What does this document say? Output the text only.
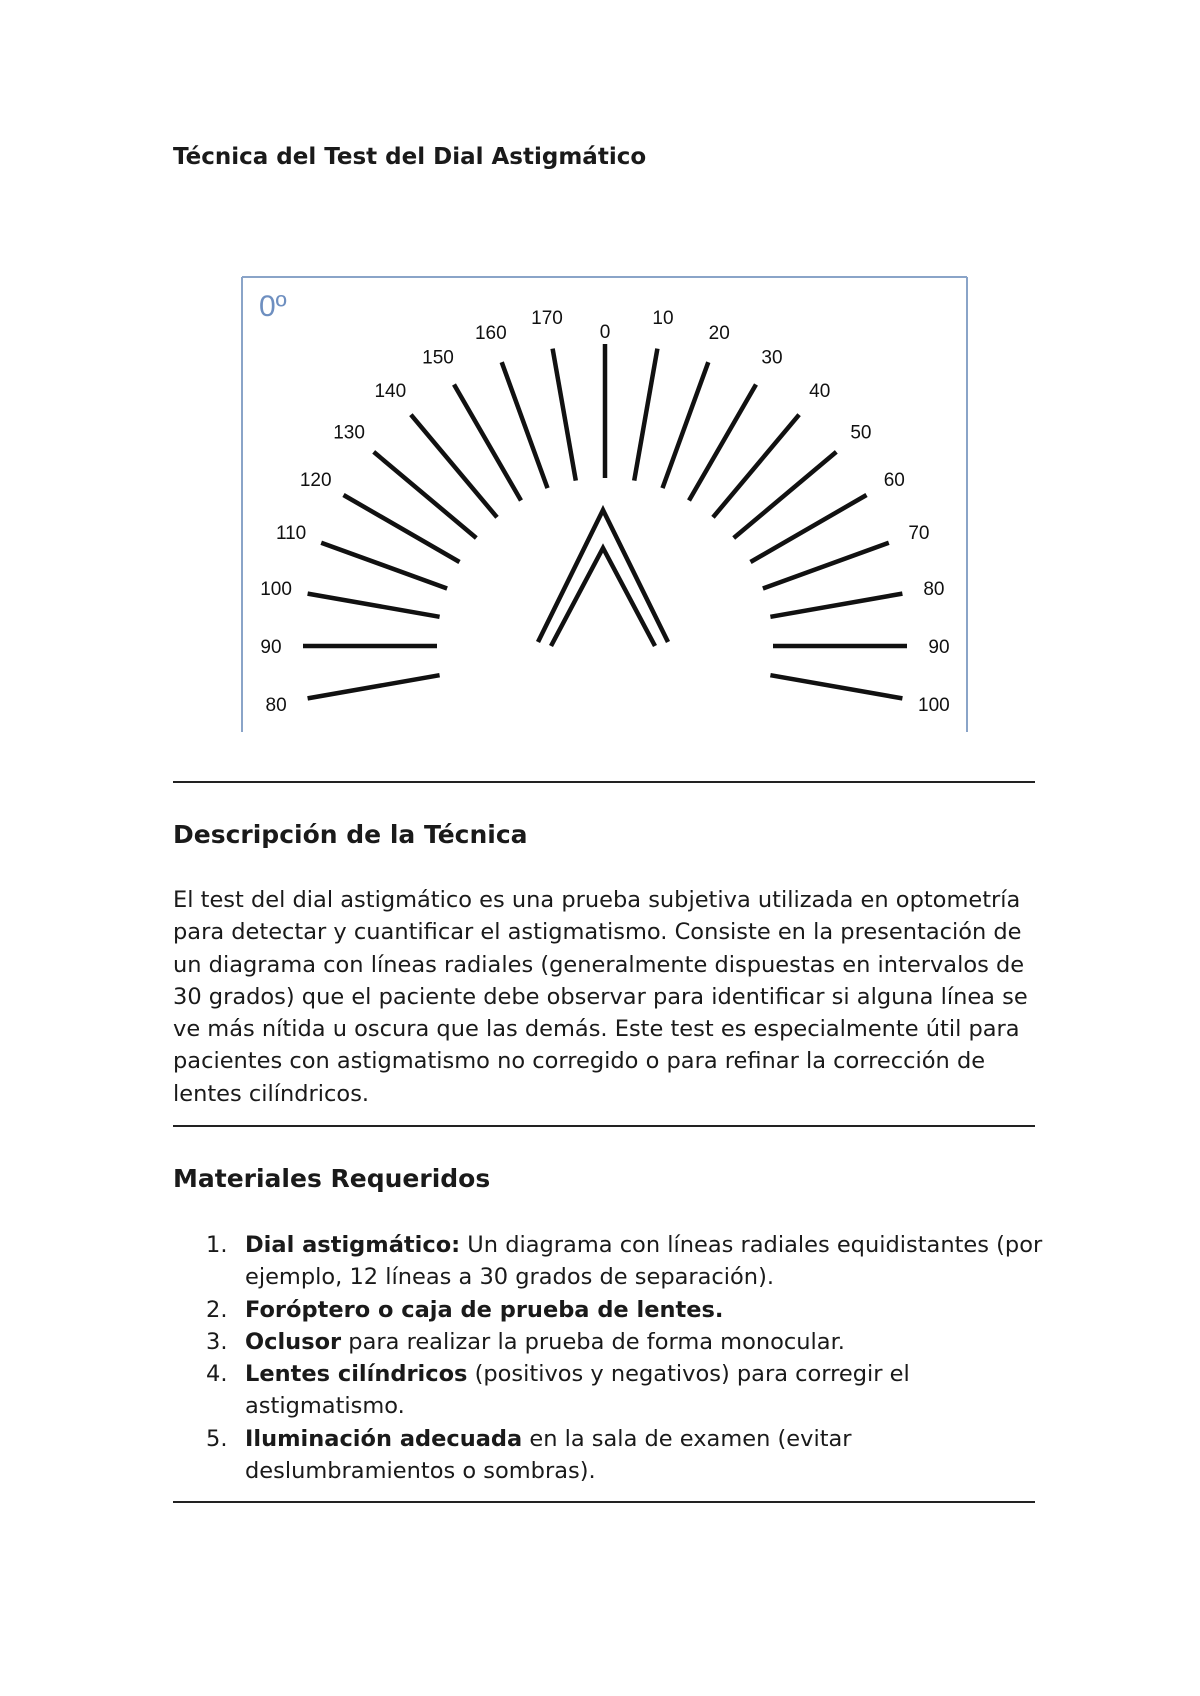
Técnica del Test del Dial Astigmático
0º
0
10
20
30
40
50
60
70
80
90
100
170
160
150
140
130
120
110
100
90
80
Descripción de la Técnica

El test del dial astigmático es una prueba subjetiva utilizada en optometría para detectar y cuantificar el astigmatismo. Consiste en la presentación de un diagrama con líneas radiales (generalmente dispuestas en intervalos de 30 grados) que el paciente debe observar para identificar si alguna línea se ve más nítida u oscura que las demás. Este test es especialmente útil para pacientes con astigmatismo no corregido o para refinar la corrección de lentes cilíndricos.

Materiales Requeridos
1. Dial astigmático: Un diagrama con líneas radiales equidistantes (por ejemplo, 12 líneas a 30 grados de separación).
2. Foróptero o caja de prueba de lentes.
3. Oclusor para realizar la prueba de forma monocular.
4. Lentes cilíndricos (positivos y negativos) para corregir el astigmatismo.
5. Iluminación adecuada en la sala de examen (evitar deslumbramientos o sombras).
